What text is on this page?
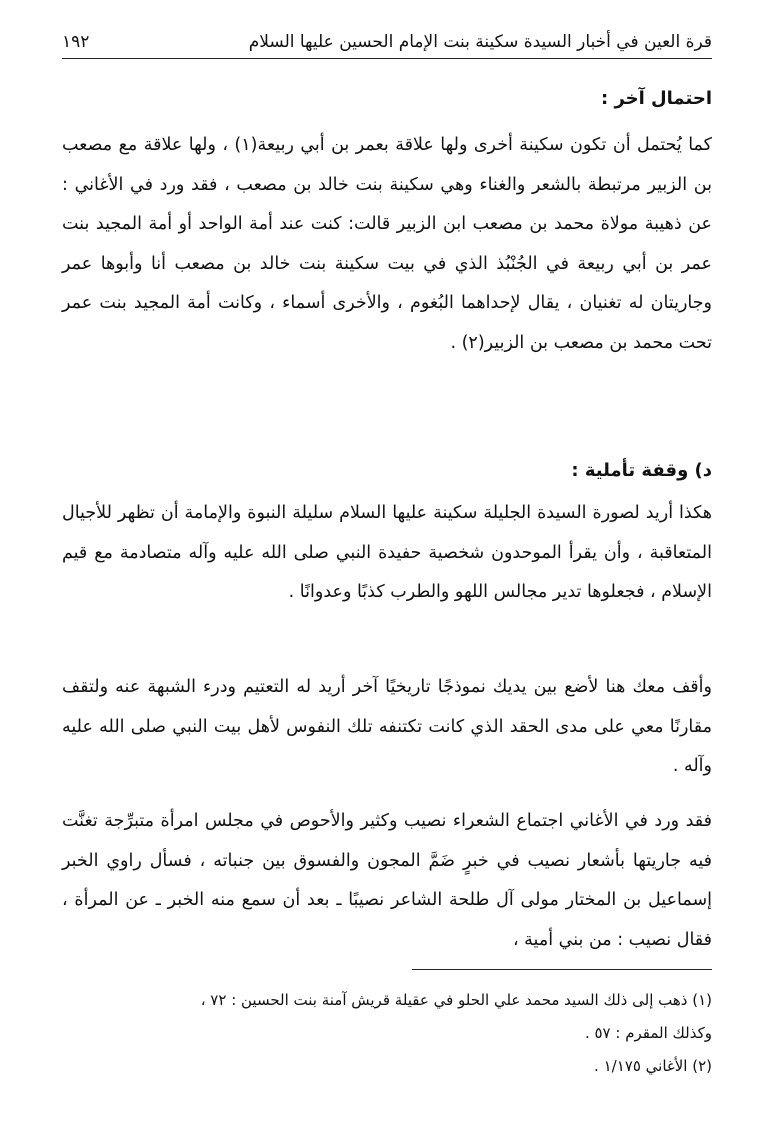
قرة العين في أخبار السيدة سكينة بنت الإمام الحسين عليها السلام
١٩٢
احتمال آخر :

كما يُحتمل أن تكون سكينة أخرى ولها علاقة بعمر بن أبي ربيعة(١) ، ولها علاقة مع مصعب بن الزبير مرتبطة بالشعر والغناء وهي سكينة بنت خالد بن مصعب ، فقد ورد في الأغاني : عن ذهيبة مولاة محمد بن مصعب ابن الزبير قالت: كنت عند أمة الواحد أو أمة المجيد بنت عمر بن أبي ربيعة في الجُنْبُذ الذي في بيت سكينة بنت خالد بن مصعب أنا وأبوها عمر وجاريتان له تغنيان ، يقال لإحداهما البُغوم ، والأخرى أسماء ، وكانت أمة المجيد بنت عمر تحت محمد بن مصعب بن الزبير(٢) .

د) وقفة تأملية :

هكذا أريد لصورة السيدة الجليلة سكينة عليها السلام سليلة النبوة والإمامة أن تظهر للأجيال المتعاقبة ، وأن يقرأ الموحدون شخصية حفيدة النبي صلى الله عليه وآله متصادمة مع قيم الإسلام ، فجعلوها تدير مجالس اللهو والطرب كذبًا وعدوانًا .

وأقف معك هنا لأضع بين يديك نموذجًا تاريخيًا آخر أريد له التعتيم ودرء الشبهة عنه ولتقف مقارنًا معي على مدى الحقد الذي كانت تكتنفه تلك النفوس لأهل بيت النبي صلى الله عليه وآله .

فقد ورد في الأغاني اجتماع الشعراء نصيب وكثير والأحوص في مجلس امرأة متبرِّجة تغنَّت فيه جاريتها بأشعار نصيب في خبرٍ ضَمَّ المجون والفسوق بين جنباته ، فسأل راوي الخبر إسماعيل بن المختار مولى آل طلحة الشاعر نصيبًا ـ بعد أن سمع منه الخبر ـ عن المرأة ، فقال نصيب : من بني أمية ،

(١) ذهب إلى ذلك السيد محمد علي الحلو في عقيلة قريش آمنة بنت الحسين : ٧٢ ،

وكذلك المقرم : ٥٧ .

(٢) الأغاني ١/١٧٥ .
